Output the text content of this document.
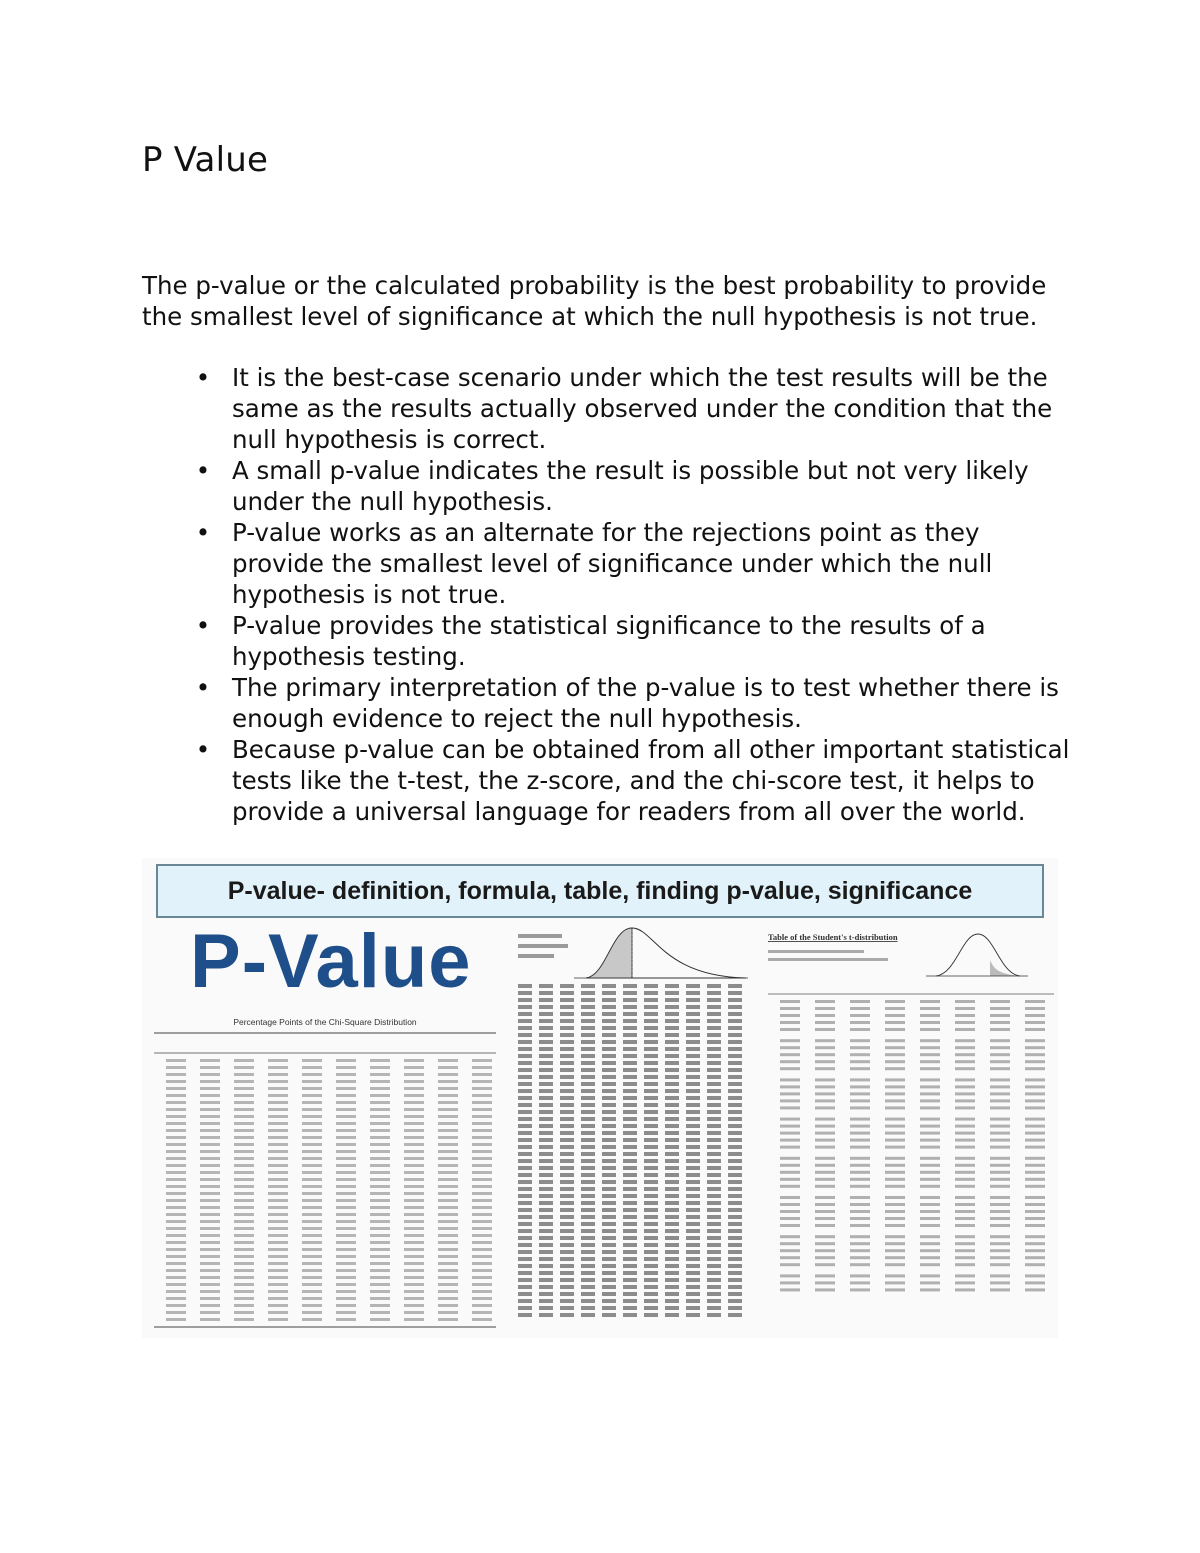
P Value

The p-value or the calculated probability is the best probability to provide the smallest level of significance at which the null hypothesis is not true.

• It is the best-case scenario under which the test results will be the same as the results actually observed under the condition that the null hypothesis is correct.
• A small p-value indicates the result is possible but not very likely under the null hypothesis.
• P-value works as an alternate for the rejections point as they provide the smallest level of significance under which the null hypothesis is not true.
• P-value provides the statistical significance to the results of a hypothesis testing.
• The primary interpretation of the p-value is to test whether there is enough evidence to reject the null hypothesis.
• Because p-value can be obtained from all other important statistical tests like the t-test, the z-score, and the chi-score test, it helps to provide a universal language for readers from all over the world.
P-value- definition, formula, table, finding p-value, significance
P-Value
Percentage Points of the Chi-Square Distribution
Table of the Student's t-distribution
